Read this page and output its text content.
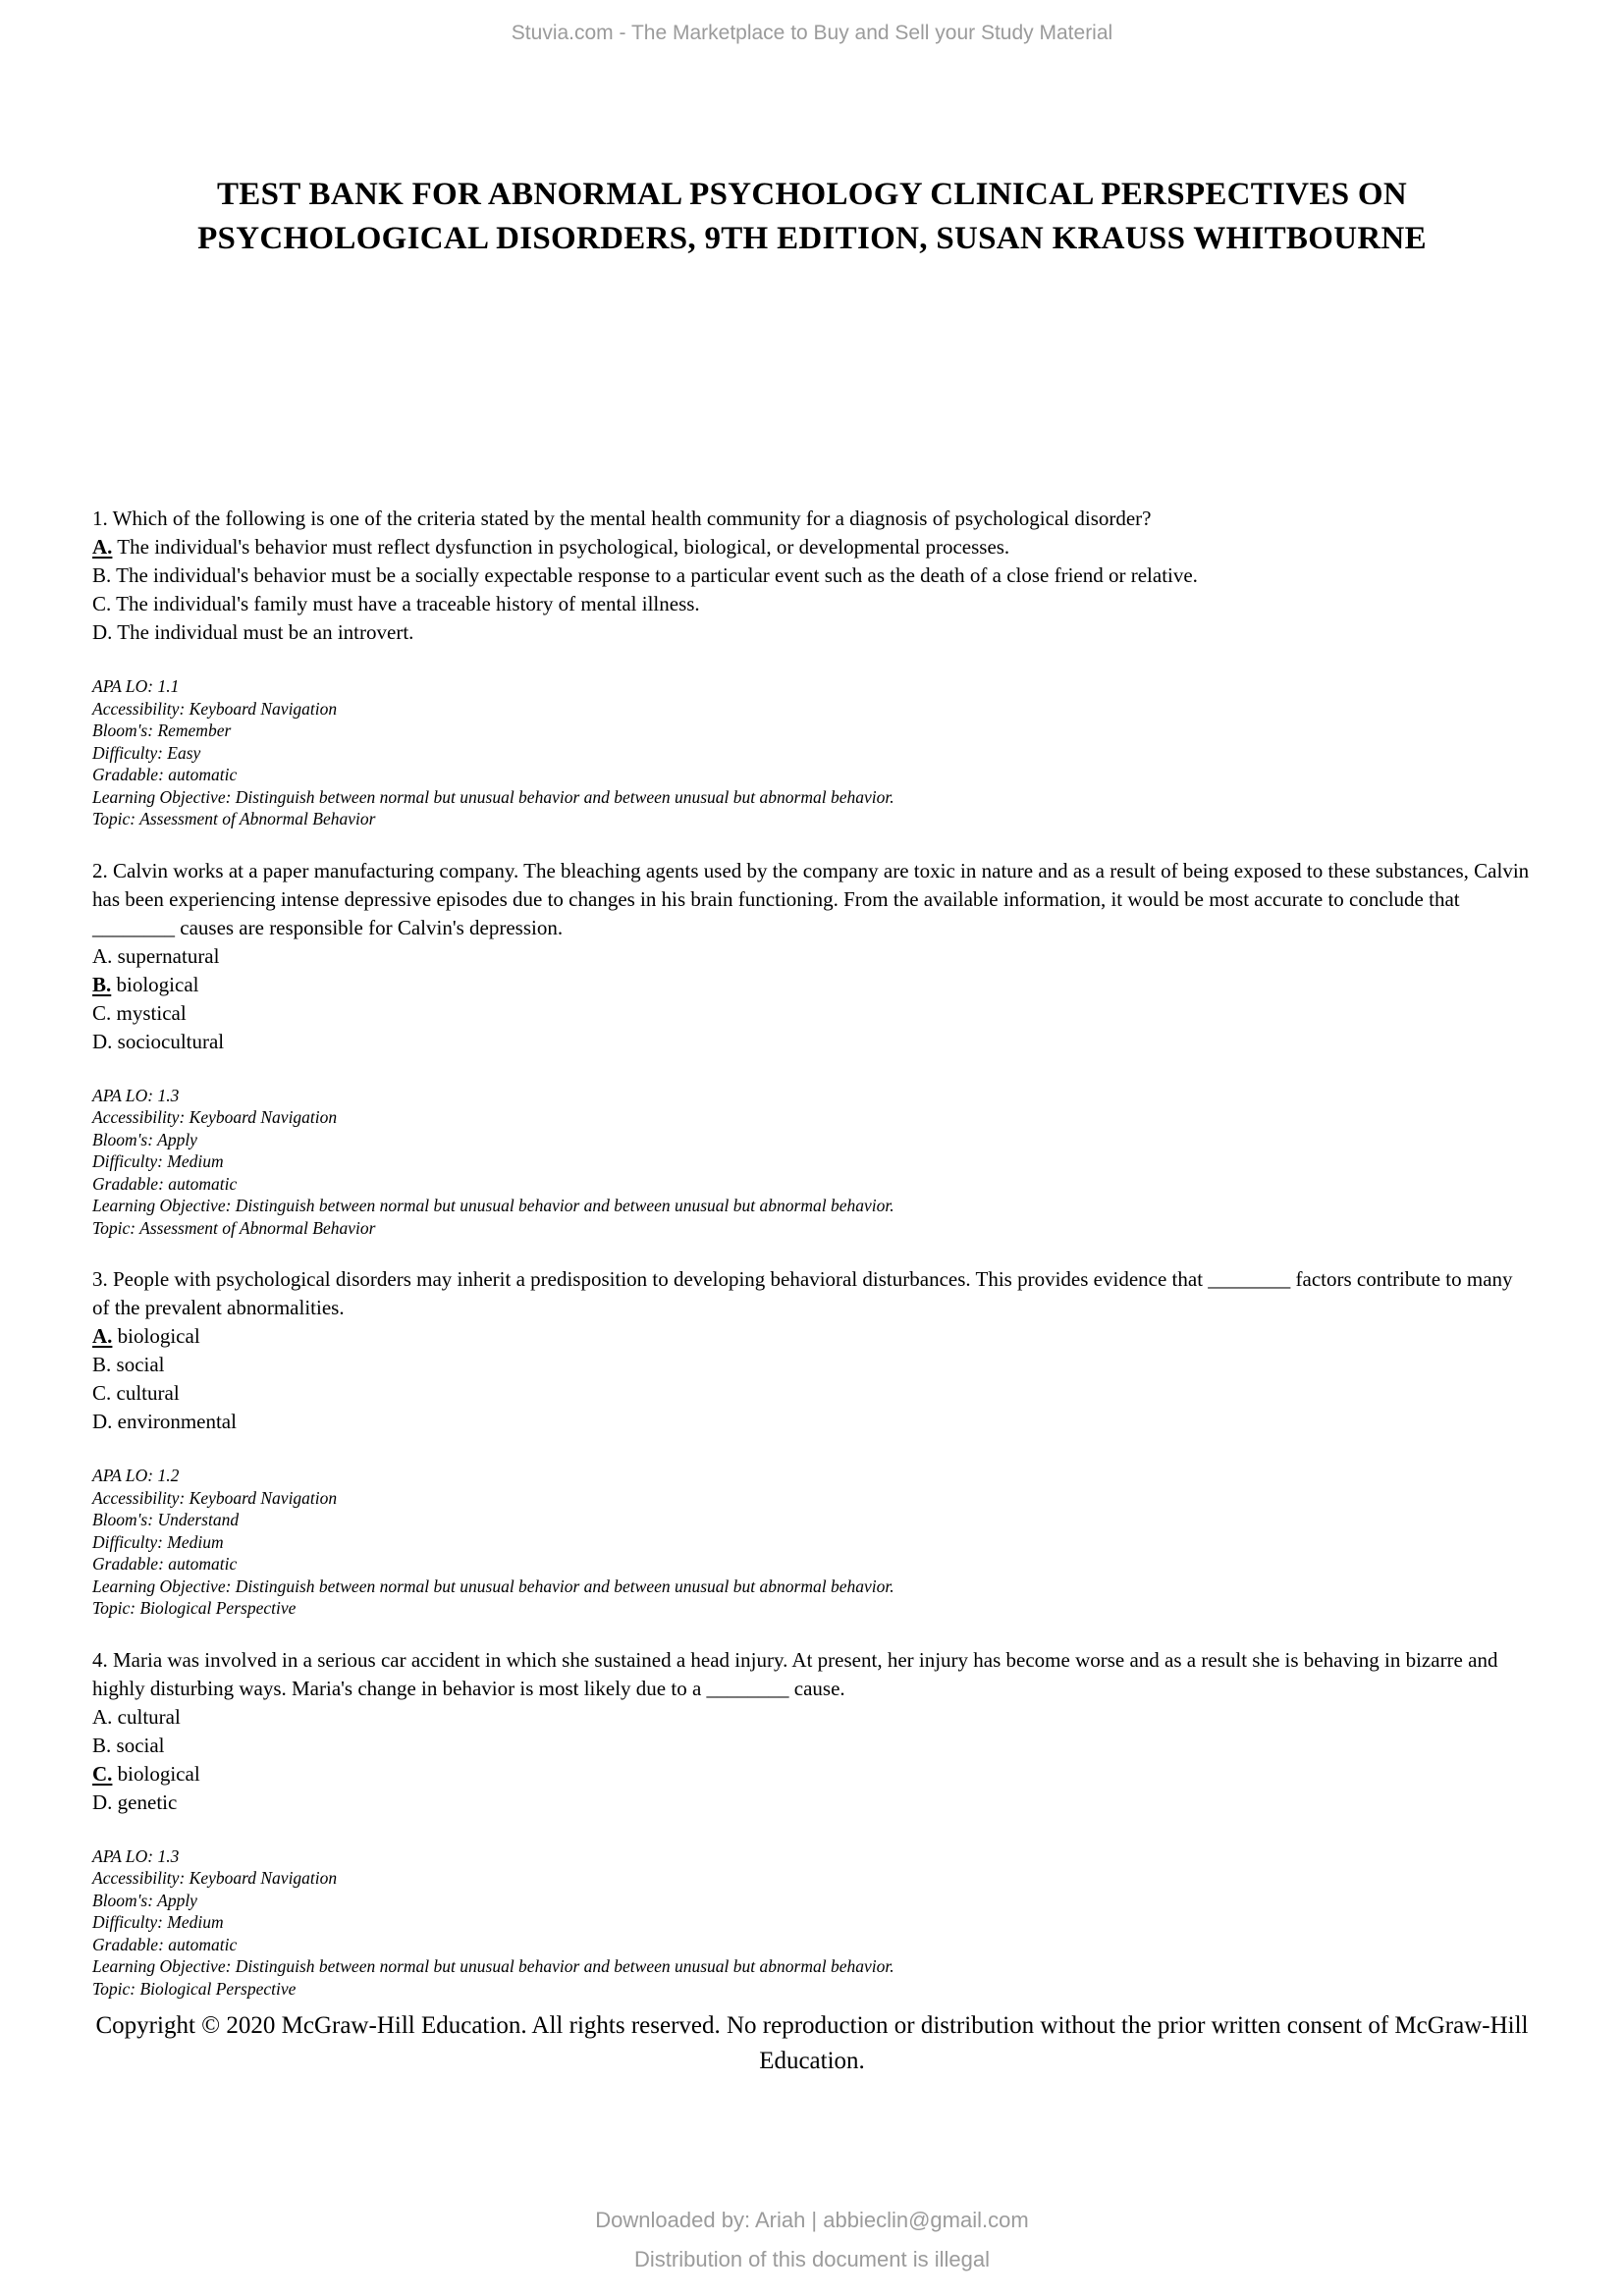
Stuvia.com - The Marketplace to Buy and Sell your Study Material
TEST BANK FOR ABNORMAL PSYCHOLOGY CLINICAL PERSPECTIVES ON
PSYCHOLOGICAL DISORDERS, 9TH EDITION, SUSAN KRAUSS WHITBOURNE
1. Which of the following is one of the criteria stated by the mental health community for a diagnosis of psychological disorder?
A. The individual's behavior must reflect dysfunction in psychological, biological, or developmental processes.
B. The individual's behavior must be a socially expectable response to a particular event such as the death of a close friend or relative.
C. The individual's family must have a traceable history of mental illness.
D. The individual must be an introvert.
APA LO: 1.1
Accessibility: Keyboard Navigation
Bloom's: Remember
Difficulty: Easy
Gradable: automatic
Learning Objective: Distinguish between normal but unusual behavior and between unusual but abnormal behavior.
Topic: Assessment of Abnormal Behavior
2. Calvin works at a paper manufacturing company. The bleaching agents used by the company are toxic in nature and as a result of being exposed to these substances, Calvin has been experiencing intense depressive episodes due to changes in his brain functioning. From the available information, it would be most accurate to conclude that ________ causes are responsible for Calvin's depression.
A. supernatural
B. biological
C. mystical
D. sociocultural
APA LO: 1.3
Accessibility: Keyboard Navigation
Bloom's: Apply
Difficulty: Medium
Gradable: automatic
Learning Objective: Distinguish between normal but unusual behavior and between unusual but abnormal behavior.
Topic: Assessment of Abnormal Behavior
3. People with psychological disorders may inherit a predisposition to developing behavioral disturbances. This provides evidence that ________ factors contribute to many of the prevalent abnormalities.
A. biological
B. social
C. cultural
D. environmental
APA LO: 1.2
Accessibility: Keyboard Navigation
Bloom's: Understand
Difficulty: Medium
Gradable: automatic
Learning Objective: Distinguish between normal but unusual behavior and between unusual but abnormal behavior.
Topic: Biological Perspective
4. Maria was involved in a serious car accident in which she sustained a head injury. At present, her injury has become worse and as a result she is behaving in bizarre and highly disturbing ways. Maria's change in behavior is most likely due to a ________ cause.
A. cultural
B. social
C. biological
D. genetic
APA LO: 1.3
Accessibility: Keyboard Navigation
Bloom's: Apply
Difficulty: Medium
Gradable: automatic
Learning Objective: Distinguish between normal but unusual behavior and between unusual but abnormal behavior.
Topic: Biological Perspective
Copyright © 2020 McGraw-Hill Education. All rights reserved. No reproduction or distribution without the prior written consent of McGraw-Hill Education.
Downloaded by: Ariah | abbieclin@gmail.com
Distribution of this document is illegal
